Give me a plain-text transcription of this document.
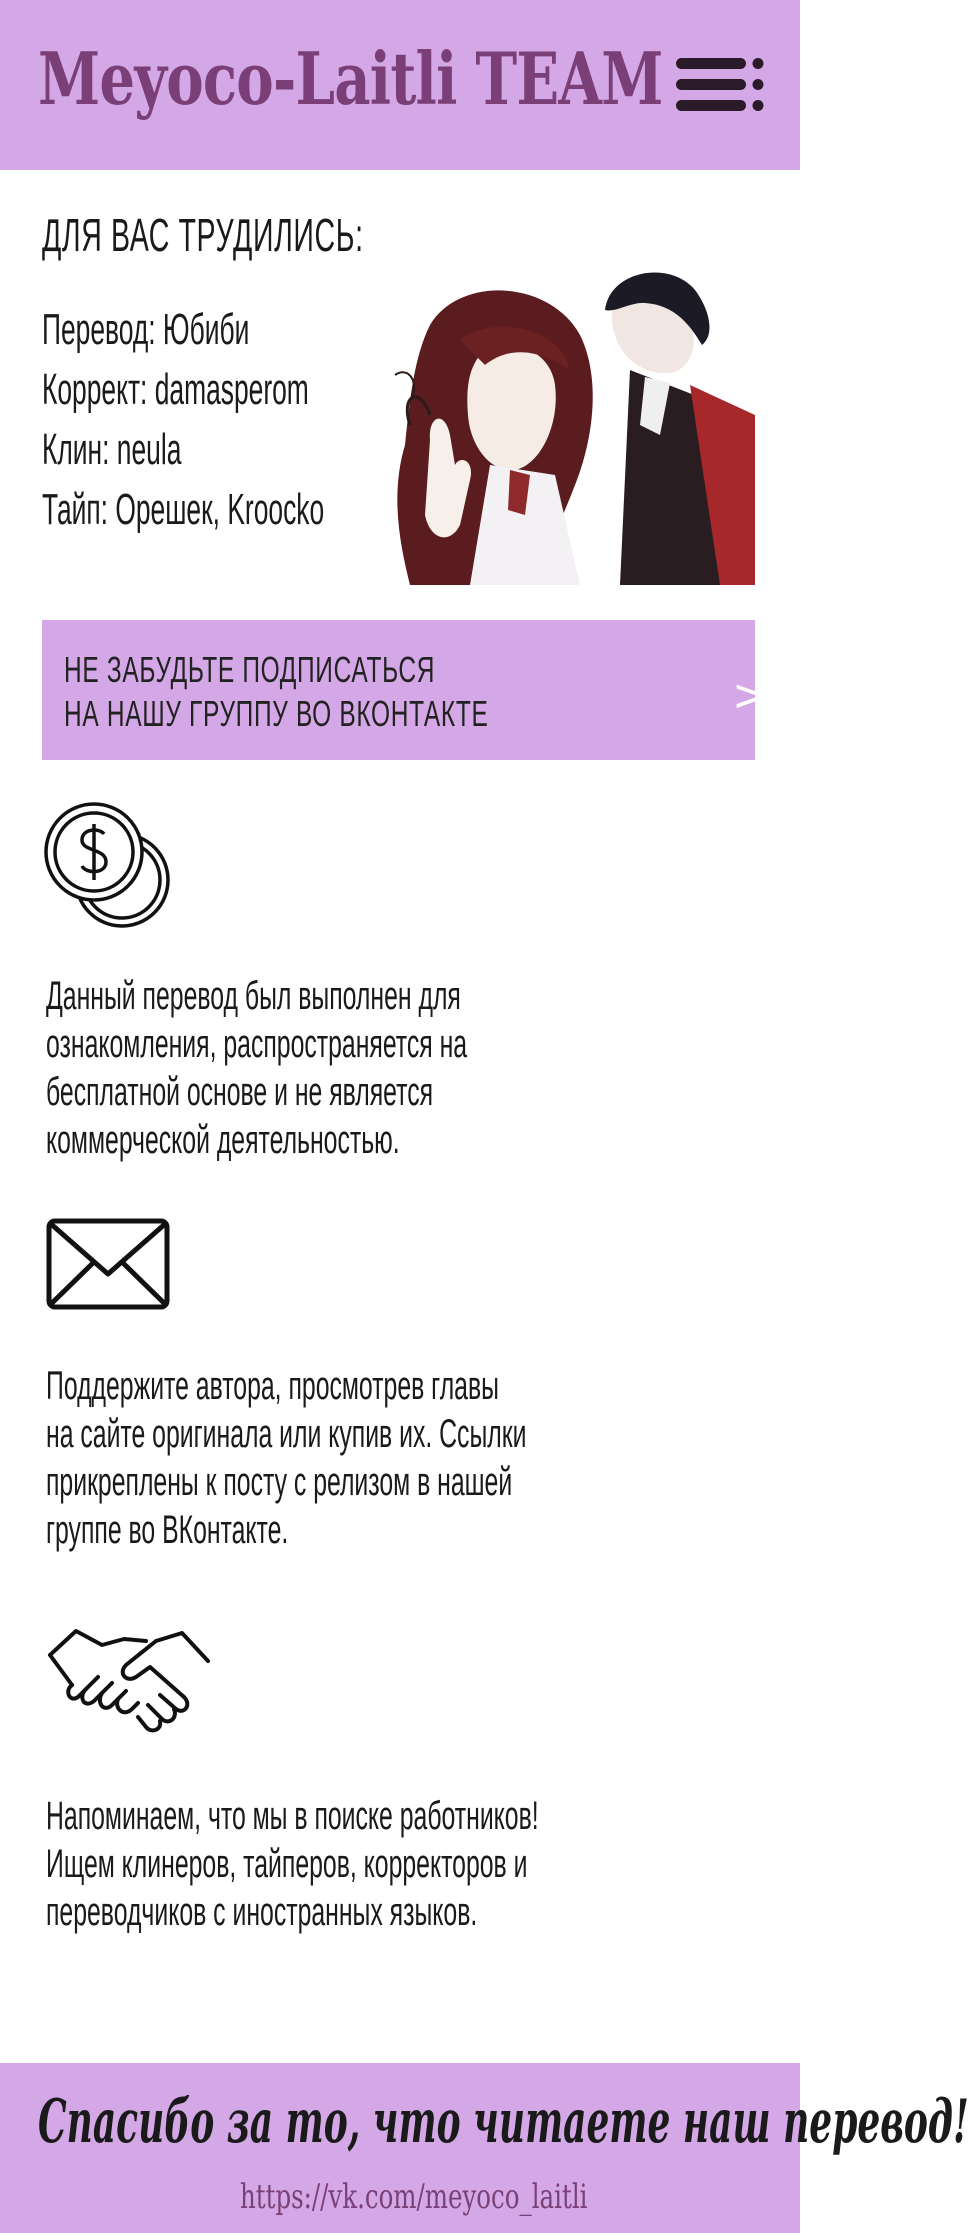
Meyoco-Laitli TEAM
ДЛЯ ВАС ТРУДИЛИСЬ:
Перевод: Юбиби
Коррект: damasperom
Клин: neula
Тайп: Орешек, Kroocko
НЕ ЗАБУДЬТЕ ПОДПИСАТЬСЯ
НА НАШУ ГРУППУ ВО ВКОНТАКТЕ	>
Данный перевод был выполнен для
ознакомления, распространяется на
бесплатной основе и не является
коммерческой деятельностью.
Поддержите автора, просмотрев главы
на сайте оригинала или купив их. Ссылки
прикреплены к посту с релизом в нашей
группе во ВКонтакте.
Напоминаем, что мы в поиске работников!
Ищем клинеров, тайперов, корректоров и
переводчиков с иностранных языков.
Спасибо за то, что читаете наш перевод!
https://vk.com/meyoco_laitli
